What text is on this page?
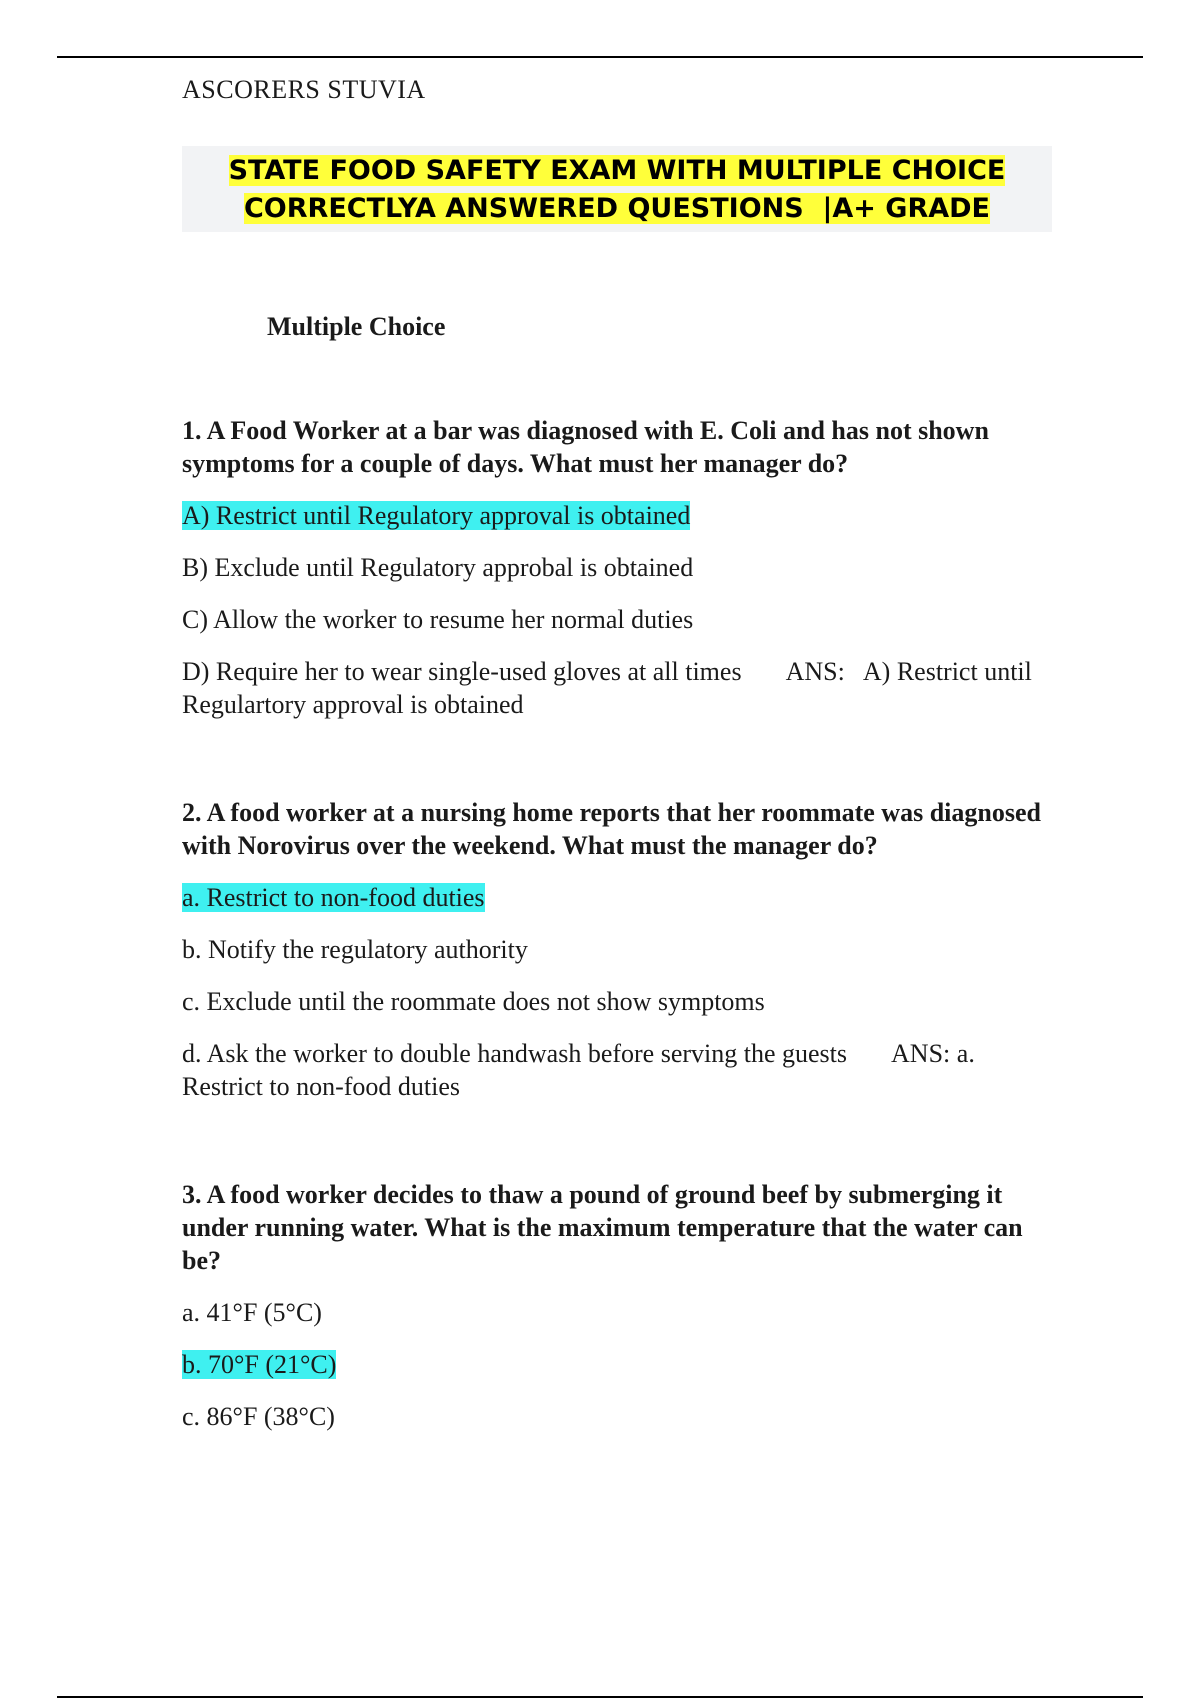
ASCORERS STUVIA

STATE FOOD SAFETY EXAM WITH MULTIPLE CHOICE
CORRECTLYA ANSWERED QUESTIONS  |A+ GRADE

Multiple Choice

1. A Food Worker at a bar was diagnosed with E. Coli and has not shown symptoms for a couple of days. What must her manager do?

A) Restrict until Regulatory approval is obtained

B) Exclude until Regulatory approbal is obtained

C) Allow the worker to resume her normal duties

D) Require her to wear single-used gloves at all times ANS: A) Restrict until Regulartory approval is obtained

2. A food worker at a nursing home reports that her roommate was diagnosed with Norovirus over the weekend. What must the manager do?

a. Restrict to non-food duties

b. Notify the regulatory authority

c. Exclude until the roommate does not show symptoms

d. Ask the worker to double handwash before serving the guests ANS: a. Restrict to non-food duties

3. A food worker decides to thaw a pound of ground beef by submerging it under running water. What is the maximum temperature that the water can be?

a. 41°F (5°C)

b. 70°F (21°C)

c. 86°F (38°C)
